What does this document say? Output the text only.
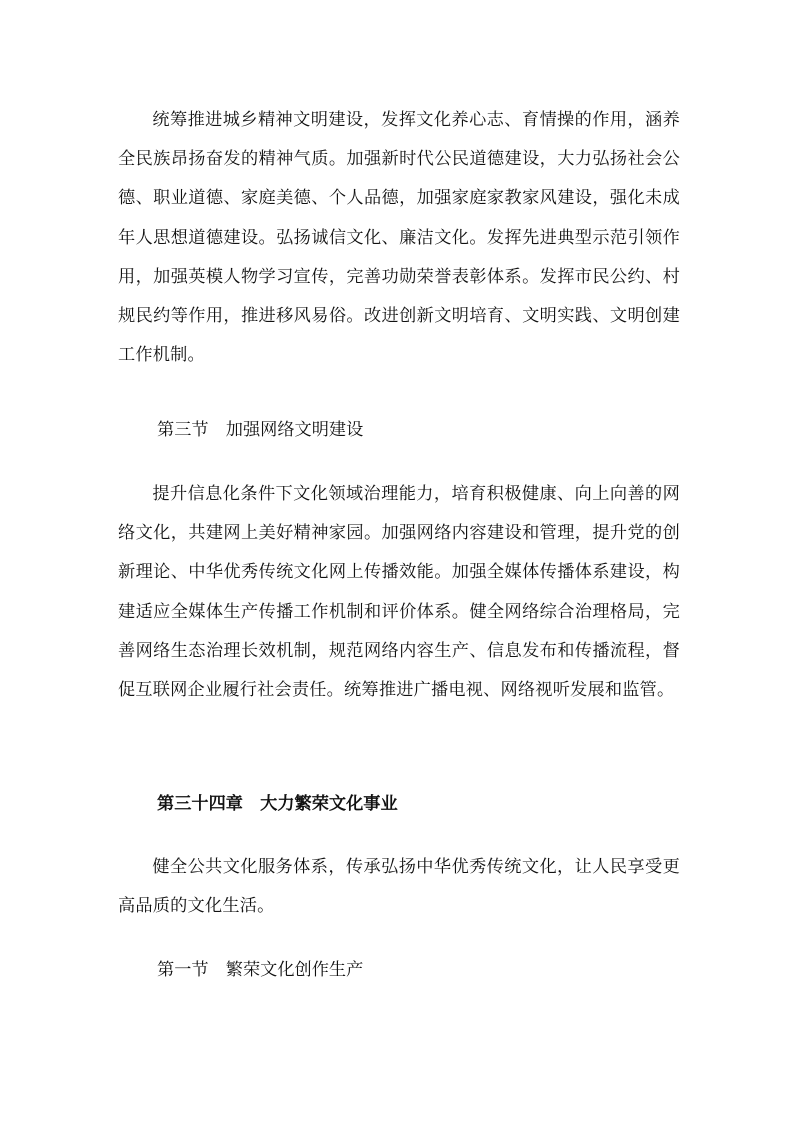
统筹推进城乡精神文明建设，发挥文化养心志、育情操的作用，涵养全民族昂扬奋发的精神气质。加强新时代公民道德建设，大力弘扬社会公德、职业道德、家庭美德、个人品德，加强家庭家教家风建设，强化未成年人思想道德建设。弘扬诚信文化、廉洁文化。发挥先进典型示范引领作用，加强英模人物学习宣传，完善功勋荣誉表彰体系。发挥市民公约、村规民约等作用，推进移风易俗。改进创新文明培育、文明实践、文明创建工作机制。

第三节　加强网络文明建设

提升信息化条件下文化领域治理能力，培育积极健康、向上向善的网络文化，共建网上美好精神家园。加强网络内容建设和管理，提升党的创新理论、中华优秀传统文化网上传播效能。加强全媒体传播体系建设，构建适应全媒体生产传播工作机制和评价体系。健全网络综合治理格局，完善网络生态治理长效机制，规范网络内容生产、信息发布和传播流程，督促互联网企业履行社会责任。统筹推进广播电视、网络视听发展和监管。

第三十四章　大力繁荣文化事业

健全公共文化服务体系，传承弘扬中华优秀传统文化，让人民享受更高品质的文化生活。

第一节　繁荣文化创作生产
